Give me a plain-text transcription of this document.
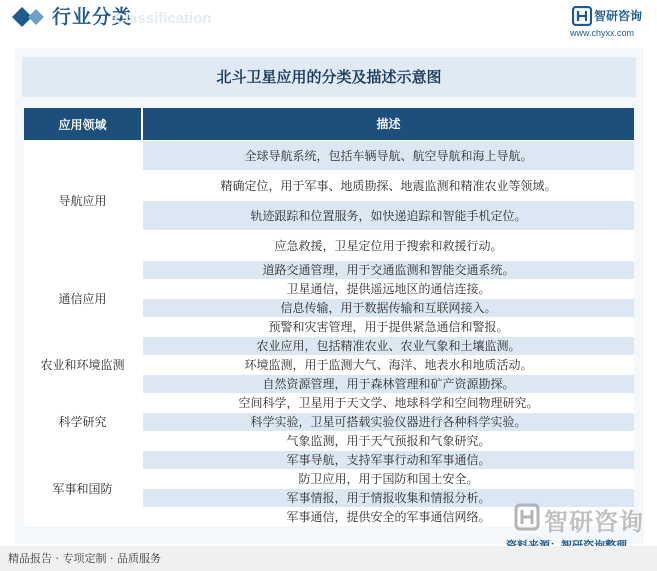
行业分类
Classification	智研咨询
www.chyxx.com
北斗卫星应用的分类及描述示意图
应用领域	描述
导航应用	全球导航系统，包括车辆导航、航空导航和海上导航。
	精确定位，用于军事、地质勘探、地震监测和精准农业等领域。
	轨迹跟踪和位置服务，如快递追踪和智能手机定位。
	应急救援，卫星定位用于搜索和救援行动。
通信应用	道路交通管理，用于交通监测和智能交通系统。
	卫星通信，提供遥远地区的通信连接。
	信息传输，用于数据传输和互联网接入。
	预警和灾害管理，用于提供紧急通信和警报。
农业和环境监测	农业应用，包括精准农业、农业气象和土壤监测。
	环境监测，用于监测大气、海洋、地表水和地质活动。
	自然资源管理，用于森林管理和矿产资源勘探。
科学研究	空间科学，卫星用于天文学、地球科学和空间物理研究。
	科学实验，卫星可搭载实验仪器进行各种科学实验。
	气象监测，用于天气预报和气象研究。
军事和国防	军事导航，支持军事行动和军事通信。
	防卫应用，用于国防和国土安全。
	军事情报，用于情报收集和情报分析。
	军事通信，提供安全的军事通信网络。 智研咨询
精品报告 · 专项定制 · 品质服务
